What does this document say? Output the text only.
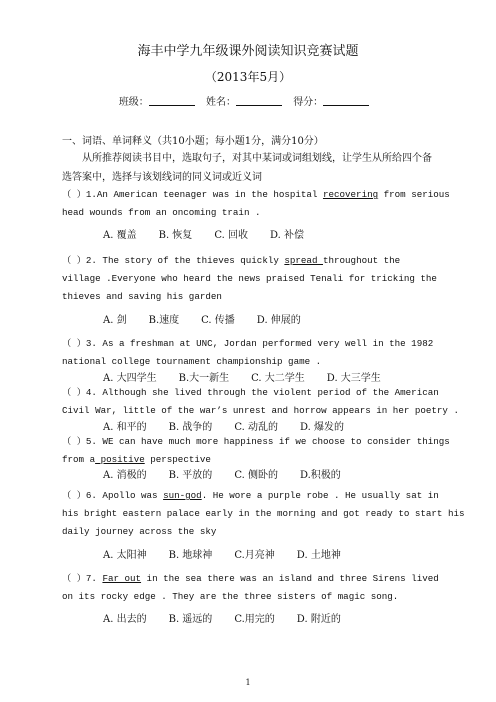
海丰中学九年级课外阅读知识竞赛试题
（2013年5月）
班级：	姓名：	得分：
一、词语、单词释义（共10小题；每小题1分，满分10分）
从所推荐阅读书目中，选取句子，对其中某词或词组划线，让学生从所给四个备选答案中，选择与该划线词的同义词或近义词
（ ）1.An American teenager was in the hospital recovering from serious
head wounds from an oncoming train .
A. 覆盖 B. 恢复 C. 回收 D. 补偿
（ ）2. The story of the thieves quickly spread throughout the
village .Everyone who heard the news praised Tenali for tricking the
thieves and saving his garden
A. 剑 B.速度 C. 传播 D. 伸展的
（ ）3. As a freshman at UNC, Jordan performed very well in the 1982
national college tournament championship game .
A. 大四学生 B.大一新生 C. 大二学生 D. 大三学生
（ ）4. Although she lived through the violent period of the American
Civil War, little of the war’s unrest and horrow appears in her poetry .
A. 和平的 B. 战争的 C. 动乱的 D. 爆发的
（ ）5. WE can have much more happiness if we choose to consider things
from a positive perspective
A. 消极的 B. 平放的 C. 侧卧的 D.积极的
（ ）6. Apollo was sun-god. He wore a purple robe . He usually sat in
his bright eastern palace early in the morning and got ready to start his
daily journey across the sky
A. 太阳神 B. 地球神 C.月亮神 D. 土地神
（ ）7. Far out in the sea there was an island and three Sirens lived
on its rocky edge . They are the three sisters of magic song.
A. 出去的 B. 遥远的 C.用完的 D. 附近的
1
